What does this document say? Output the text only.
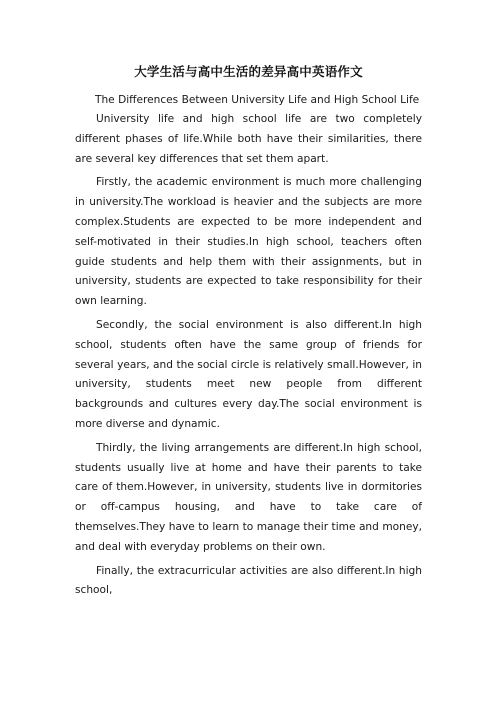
大学生活与高中生活的差异高中英语作文
The Differences Between University Life and High School Life

University life and high school life are two completely different phases of life.While both have their similarities, there are several key differences that set them apart.

Firstly, the academic environment is much more challenging in university.The workload is heavier and the subjects are more complex.Students are expected to be more independent and self-motivated in their studies.In high school, teachers often guide students and help them with their assignments, but in university, students are expected to take responsibility for their own learning.

Secondly, the social environment is also different.In high school, students often have the same group of friends for several years, and the social circle is relatively small.However, in university, students meet new people from different backgrounds and cultures every day.The social environment is more diverse and dynamic.

Thirdly, the living arrangements are different.In high school, students usually live at home and have their parents to take care of them.However, in university, students live in dormitories or off-campus housing, and have to take care of themselves.They have to learn to manage their time and money, and deal with everyday problems on their own.

Finally, the extracurricular activities are also different.In high school,
